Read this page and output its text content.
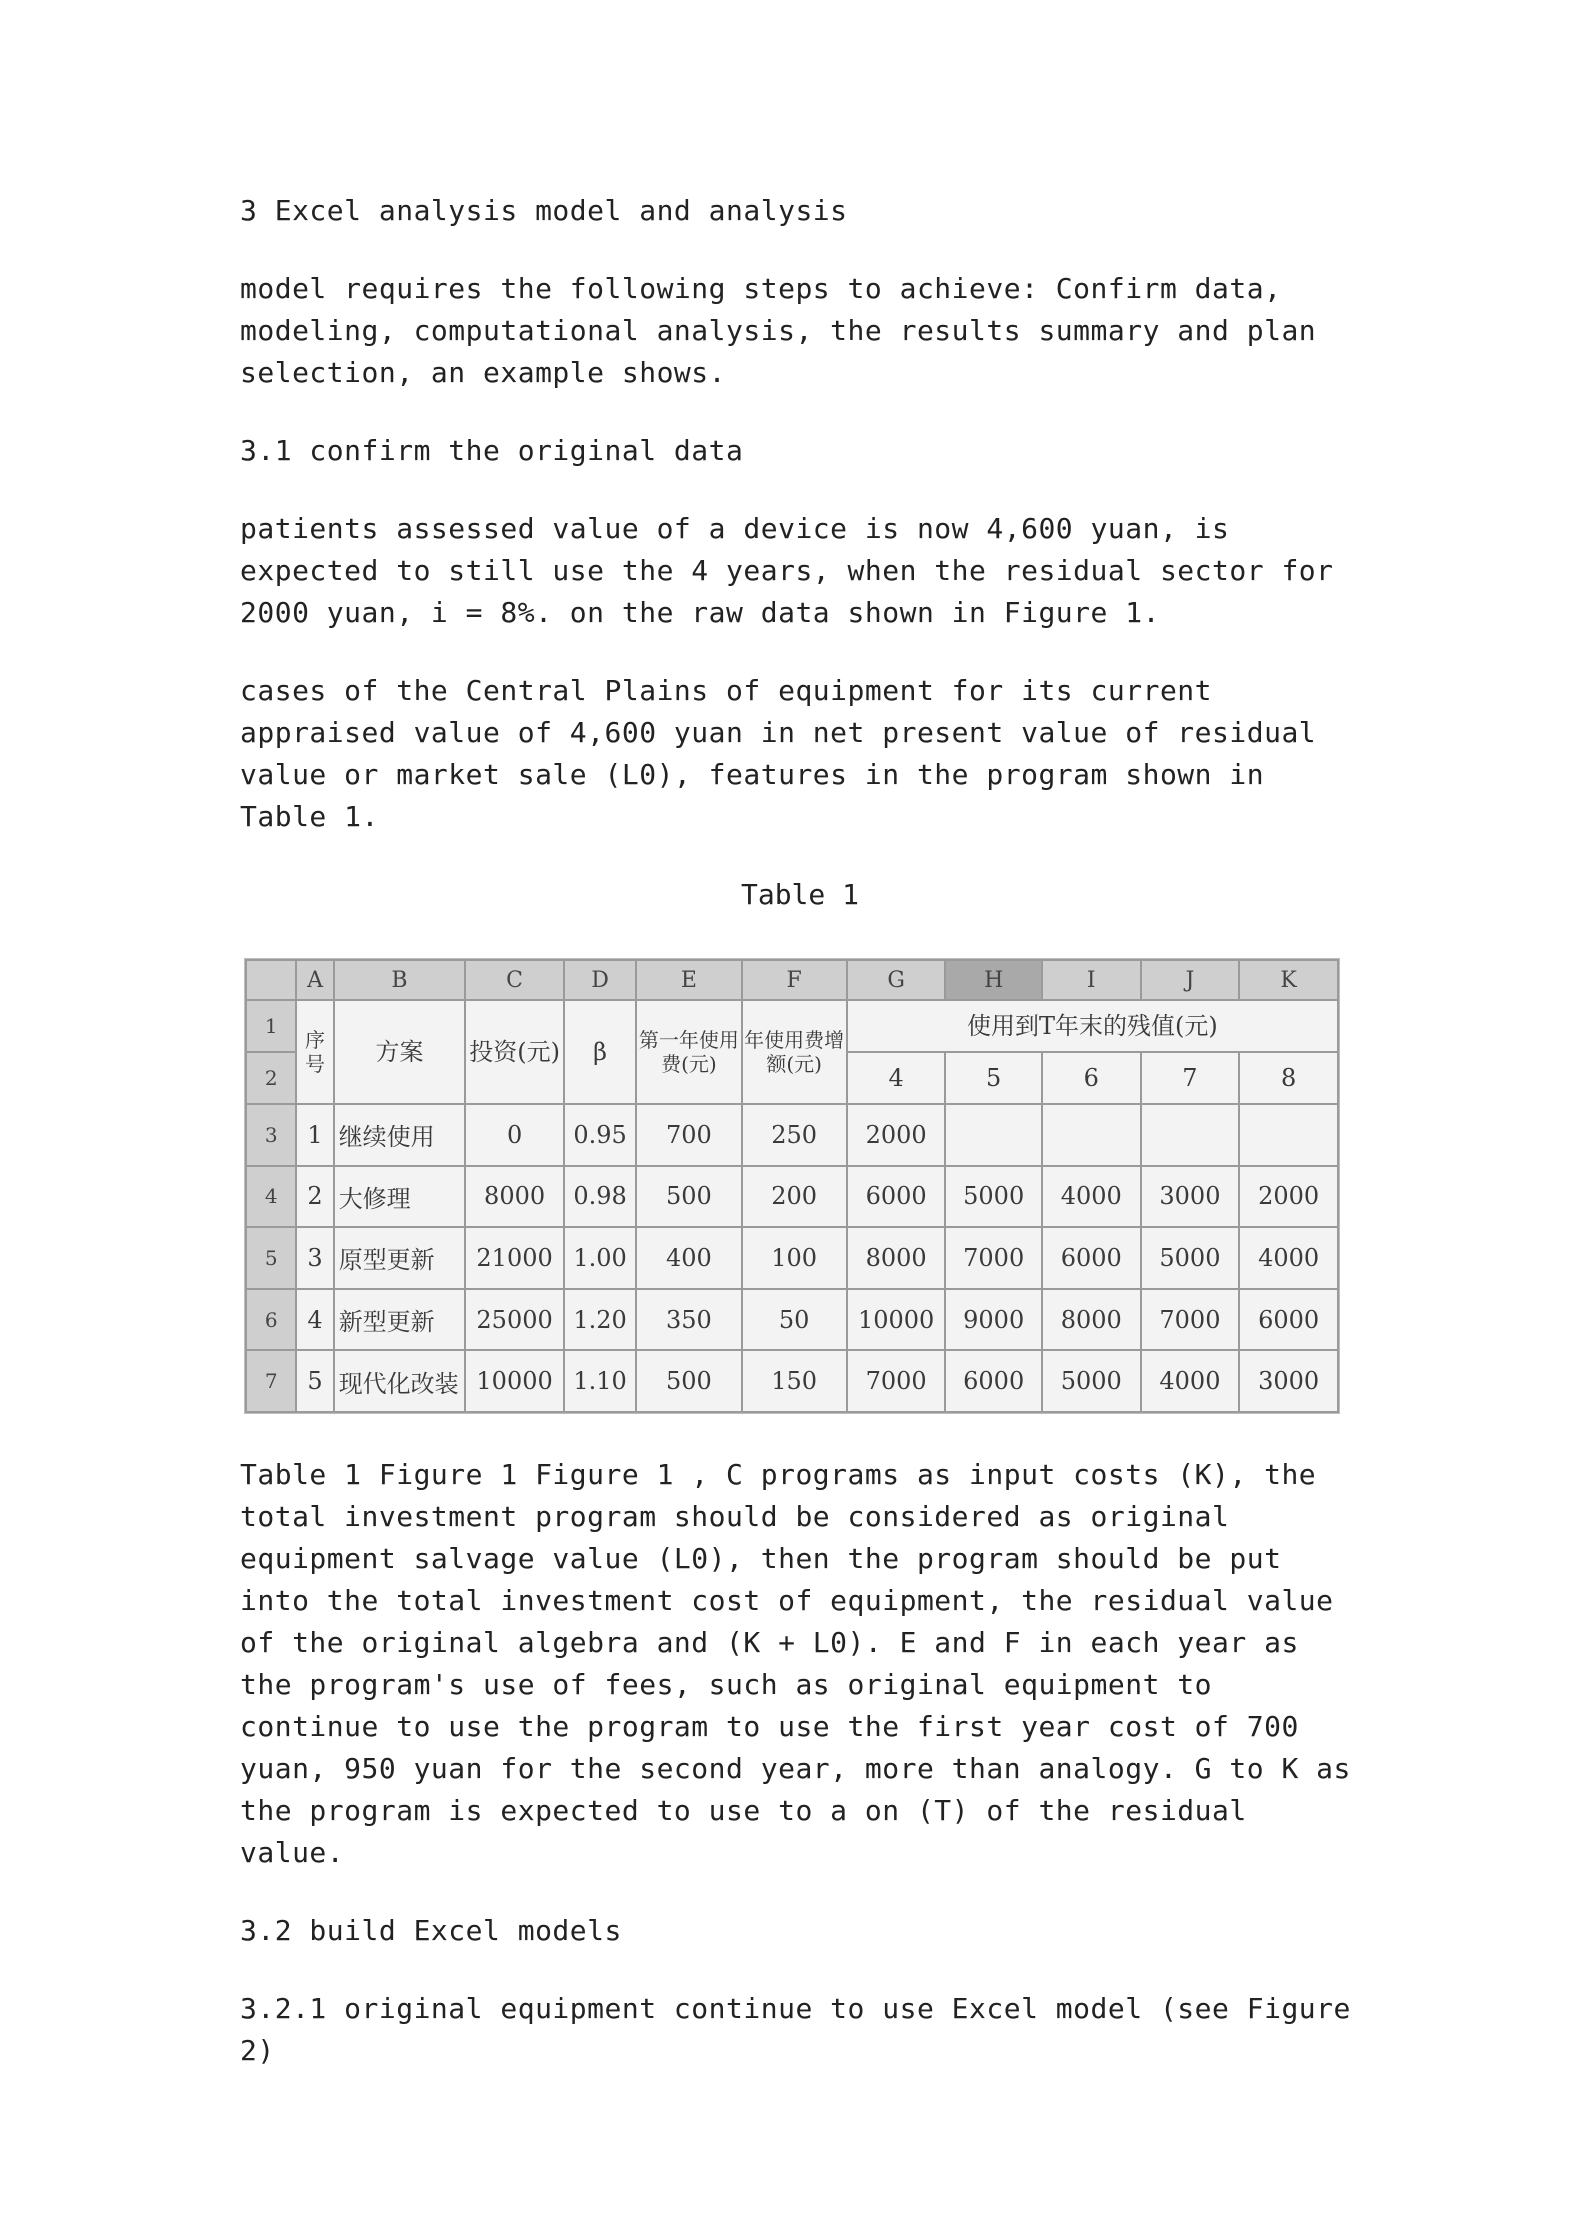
3 Excel analysis model and analysis

model requires the following steps to achieve: Confirm data, modeling, computational analysis, the results summary and plan selection, an example shows.

3.1 confirm the original data

patients assessed value of a device is now 4,600 yuan, is expected to still use the 4 years, when the residual sector for 2000 yuan, i = 8%. on the raw data shown in Figure 1.

cases of the Central Plains of equipment for its current appraised value of 4,600 yuan in net present value of residual value or market sale (L0), features in the program shown in Table 1.

Table 1

	A	B	C	D	E	F	G	H	I	J	K
1	序号	方案	投资(元)	β	第一年使用费(元)	年使用费增额(元)	使用到T年末的残值(元)				
2							4	5	6	7	8
3	1	继续使用	0	0.95	700	250	2000				
4	2	大修理	8000	0.98	500	200	6000	5000	4000	3000	2000
5	3	原型更新	21000	1.00	400	100	8000	7000	6000	5000	4000
6	4	新型更新	25000	1.20	350	50	10000	9000	8000	7000	6000
7	5	现代化改装	10000	1.10	500	150	7000	6000	5000	4000	3000

Table 1 Figure 1 Figure 1 , C programs as input costs (K), the total investment program should be considered as original equipment salvage value (L0), then the program should be put into the total investment cost of equipment, the residual value of the original algebra and (K + L0). E and F in each year as the program's use of fees, such as original equipment to continue to use the program to use the first year cost of 700 yuan, 950 yuan for the second year, more than analogy. G to K as the program is expected to use to a on (T) of the residual value.

3.2 build Excel models

3.2.1 original equipment continue to use Excel model (see Figure 2)
